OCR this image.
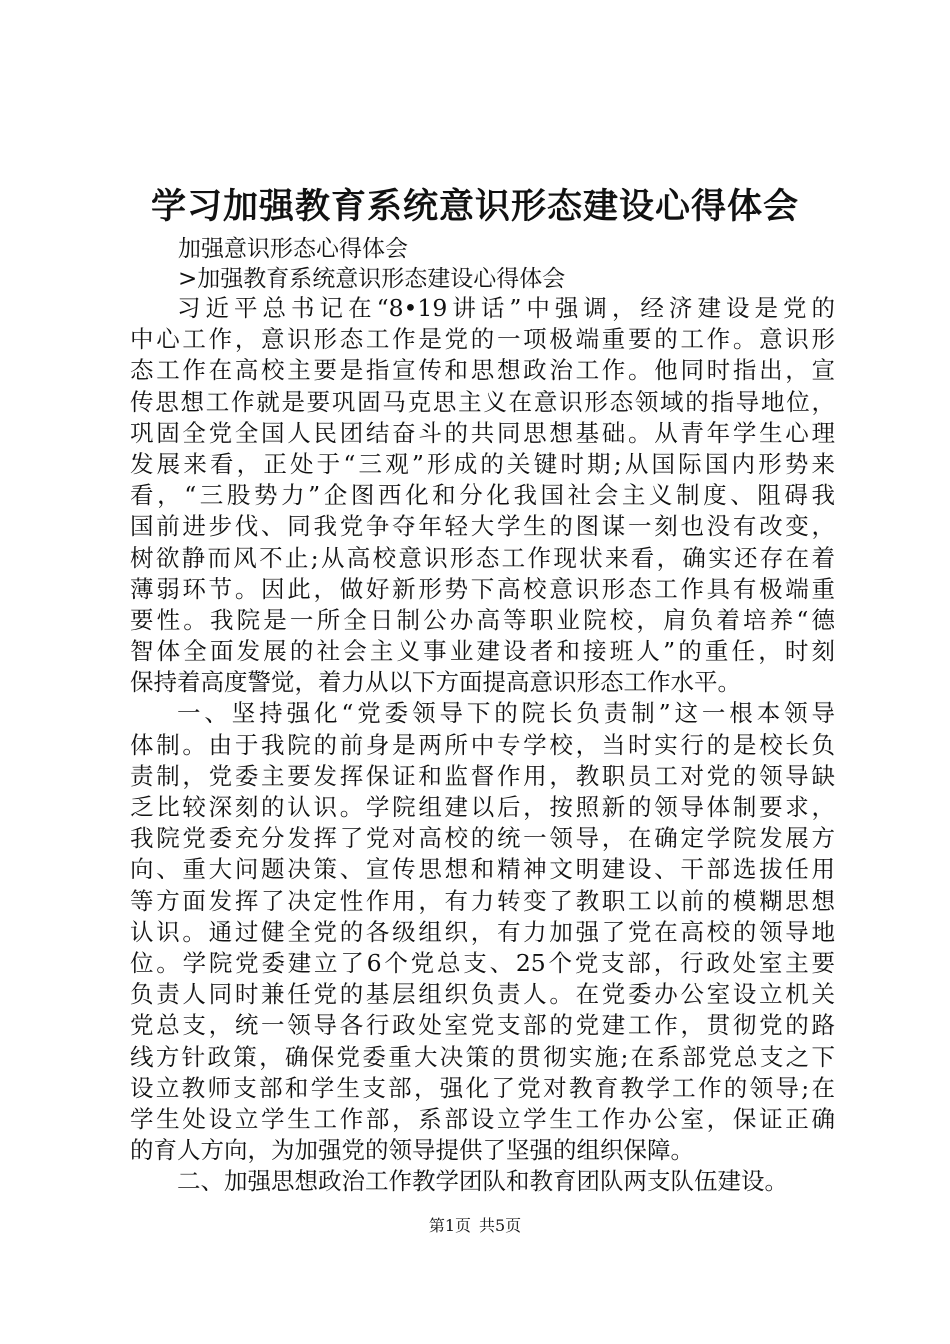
学习加强教育系统意识形态建设心得体会
加强意识形态心得体会
>加强教育系统意识形态建设心得体会
习近平总书记在“8•19讲话”中强调，经济建设是党的
中心工作，意识形态工作是党的一项极端重要的工作。意识形
态工作在高校主要是指宣传和思想政治工作。他同时指出，宣
传思想工作就是要巩固马克思主义在意识形态领域的指导地位，
巩固全党全国人民团结奋斗的共同思想基础。从青年学生心理
发展来看，正处于“三观”形成的关键时期;从国际国内形势来
看，“三股势力”企图西化和分化我国社会主义制度、阻碍我
国前进步伐、同我党争夺年轻大学生的图谋一刻也没有改变，
树欲静而风不止;从高校意识形态工作现状来看，确实还存在着
薄弱环节。因此，做好新形势下高校意识形态工作具有极端重
要性。我院是一所全日制公办高等职业院校，肩负着培养“德
智体全面发展的社会主义事业建设者和接班人”的重任，时刻
保持着高度警觉，着力从以下方面提高意识形态工作水平。
一、坚持强化“党委领导下的院长负责制”这一根本领导
体制。由于我院的前身是两所中专学校，当时实行的是校长负
责制，党委主要发挥保证和监督作用，教职员工对党的领导缺
乏比较深刻的认识。学院组建以后，按照新的领导体制要求，
我院党委充分发挥了党对高校的统一领导，在确定学院发展方
向、重大问题决策、宣传思想和精神文明建设、干部选拔任用
等方面发挥了决定性作用，有力转变了教职工以前的模糊思想
认识。通过健全党的各级组织，有力加强了党在高校的领导地
位。学院党委建立了6个党总支、25个党支部，行政处室主要
负责人同时兼任党的基层组织负责人。在党委办公室设立机关
党总支，统一领导各行政处室党支部的党建工作，贯彻党的路
线方针政策，确保党委重大决策的贯彻实施;在系部党总支之下
设立教师支部和学生支部，强化了党对教育教学工作的领导;在
学生处设立学生工作部，系部设立学生工作办公室，保证正确
的育人方向，为加强党的领导提供了坚强的组织保障。
二、加强思想政治工作教学团队和教育团队两支队伍建设。
第1页 共5页
